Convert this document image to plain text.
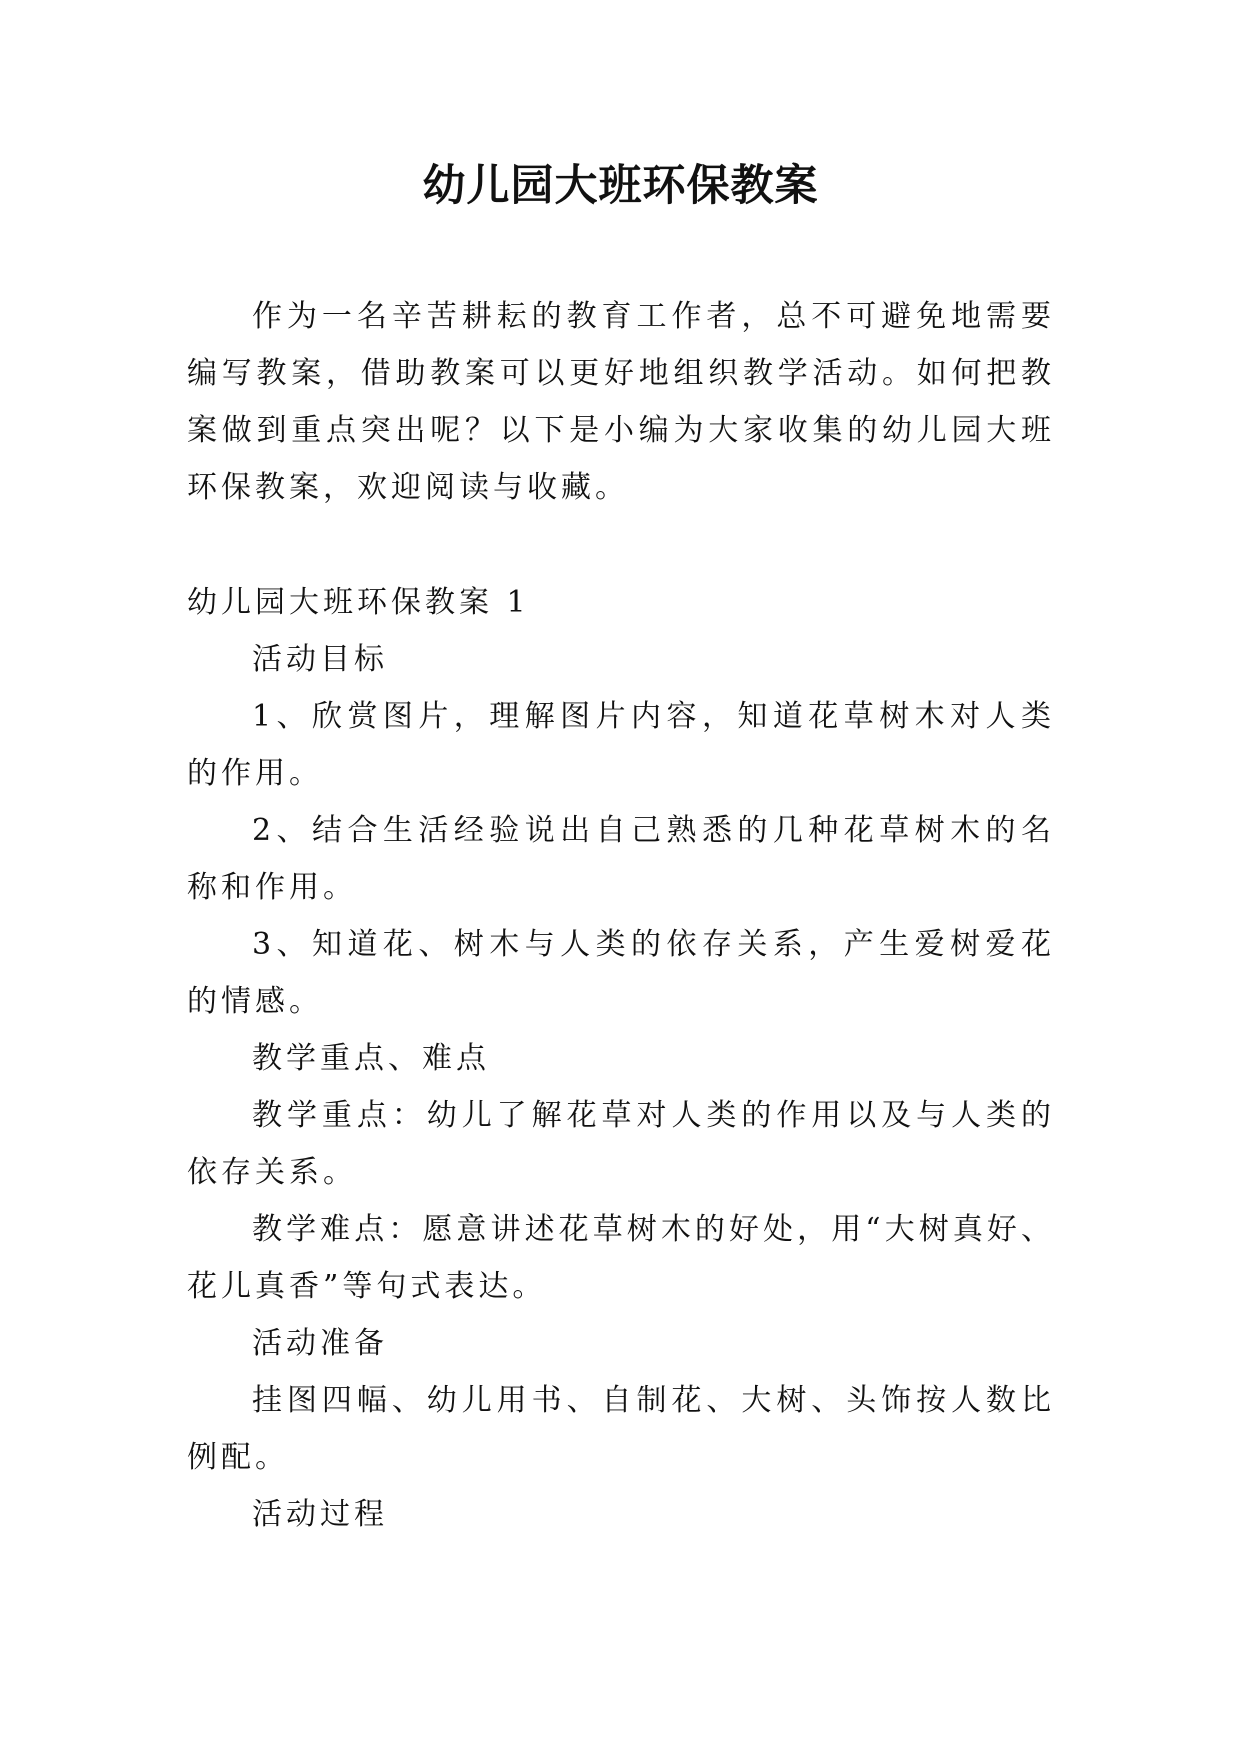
幼儿园大班环保教案

作为一名辛苦耕耘的教育工作者，总不可避免地需要编写教案，借助教案可以更好地组织教学活动。如何把教案做到重点突出呢？以下是小编为大家收集的幼儿园大班环保教案，欢迎阅读与收藏。

幼儿园大班环保教案 1

活动目标

1、欣赏图片，理解图片内容，知道花草树木对人类的作用。

2、结合生活经验说出自己熟悉的几种花草树木的名称和作用。

3、知道花、树木与人类的依存关系，产生爱树爱花的情感。

教学重点、难点

教学重点：幼儿了解花草对人类的作用以及与人类的依存关系。

教学难点：愿意讲述花草树木的好处，用“大树真好、花儿真香”等句式表达。

活动准备

挂图四幅、幼儿用书、自制花、大树、头饰按人数比例配。

活动过程
